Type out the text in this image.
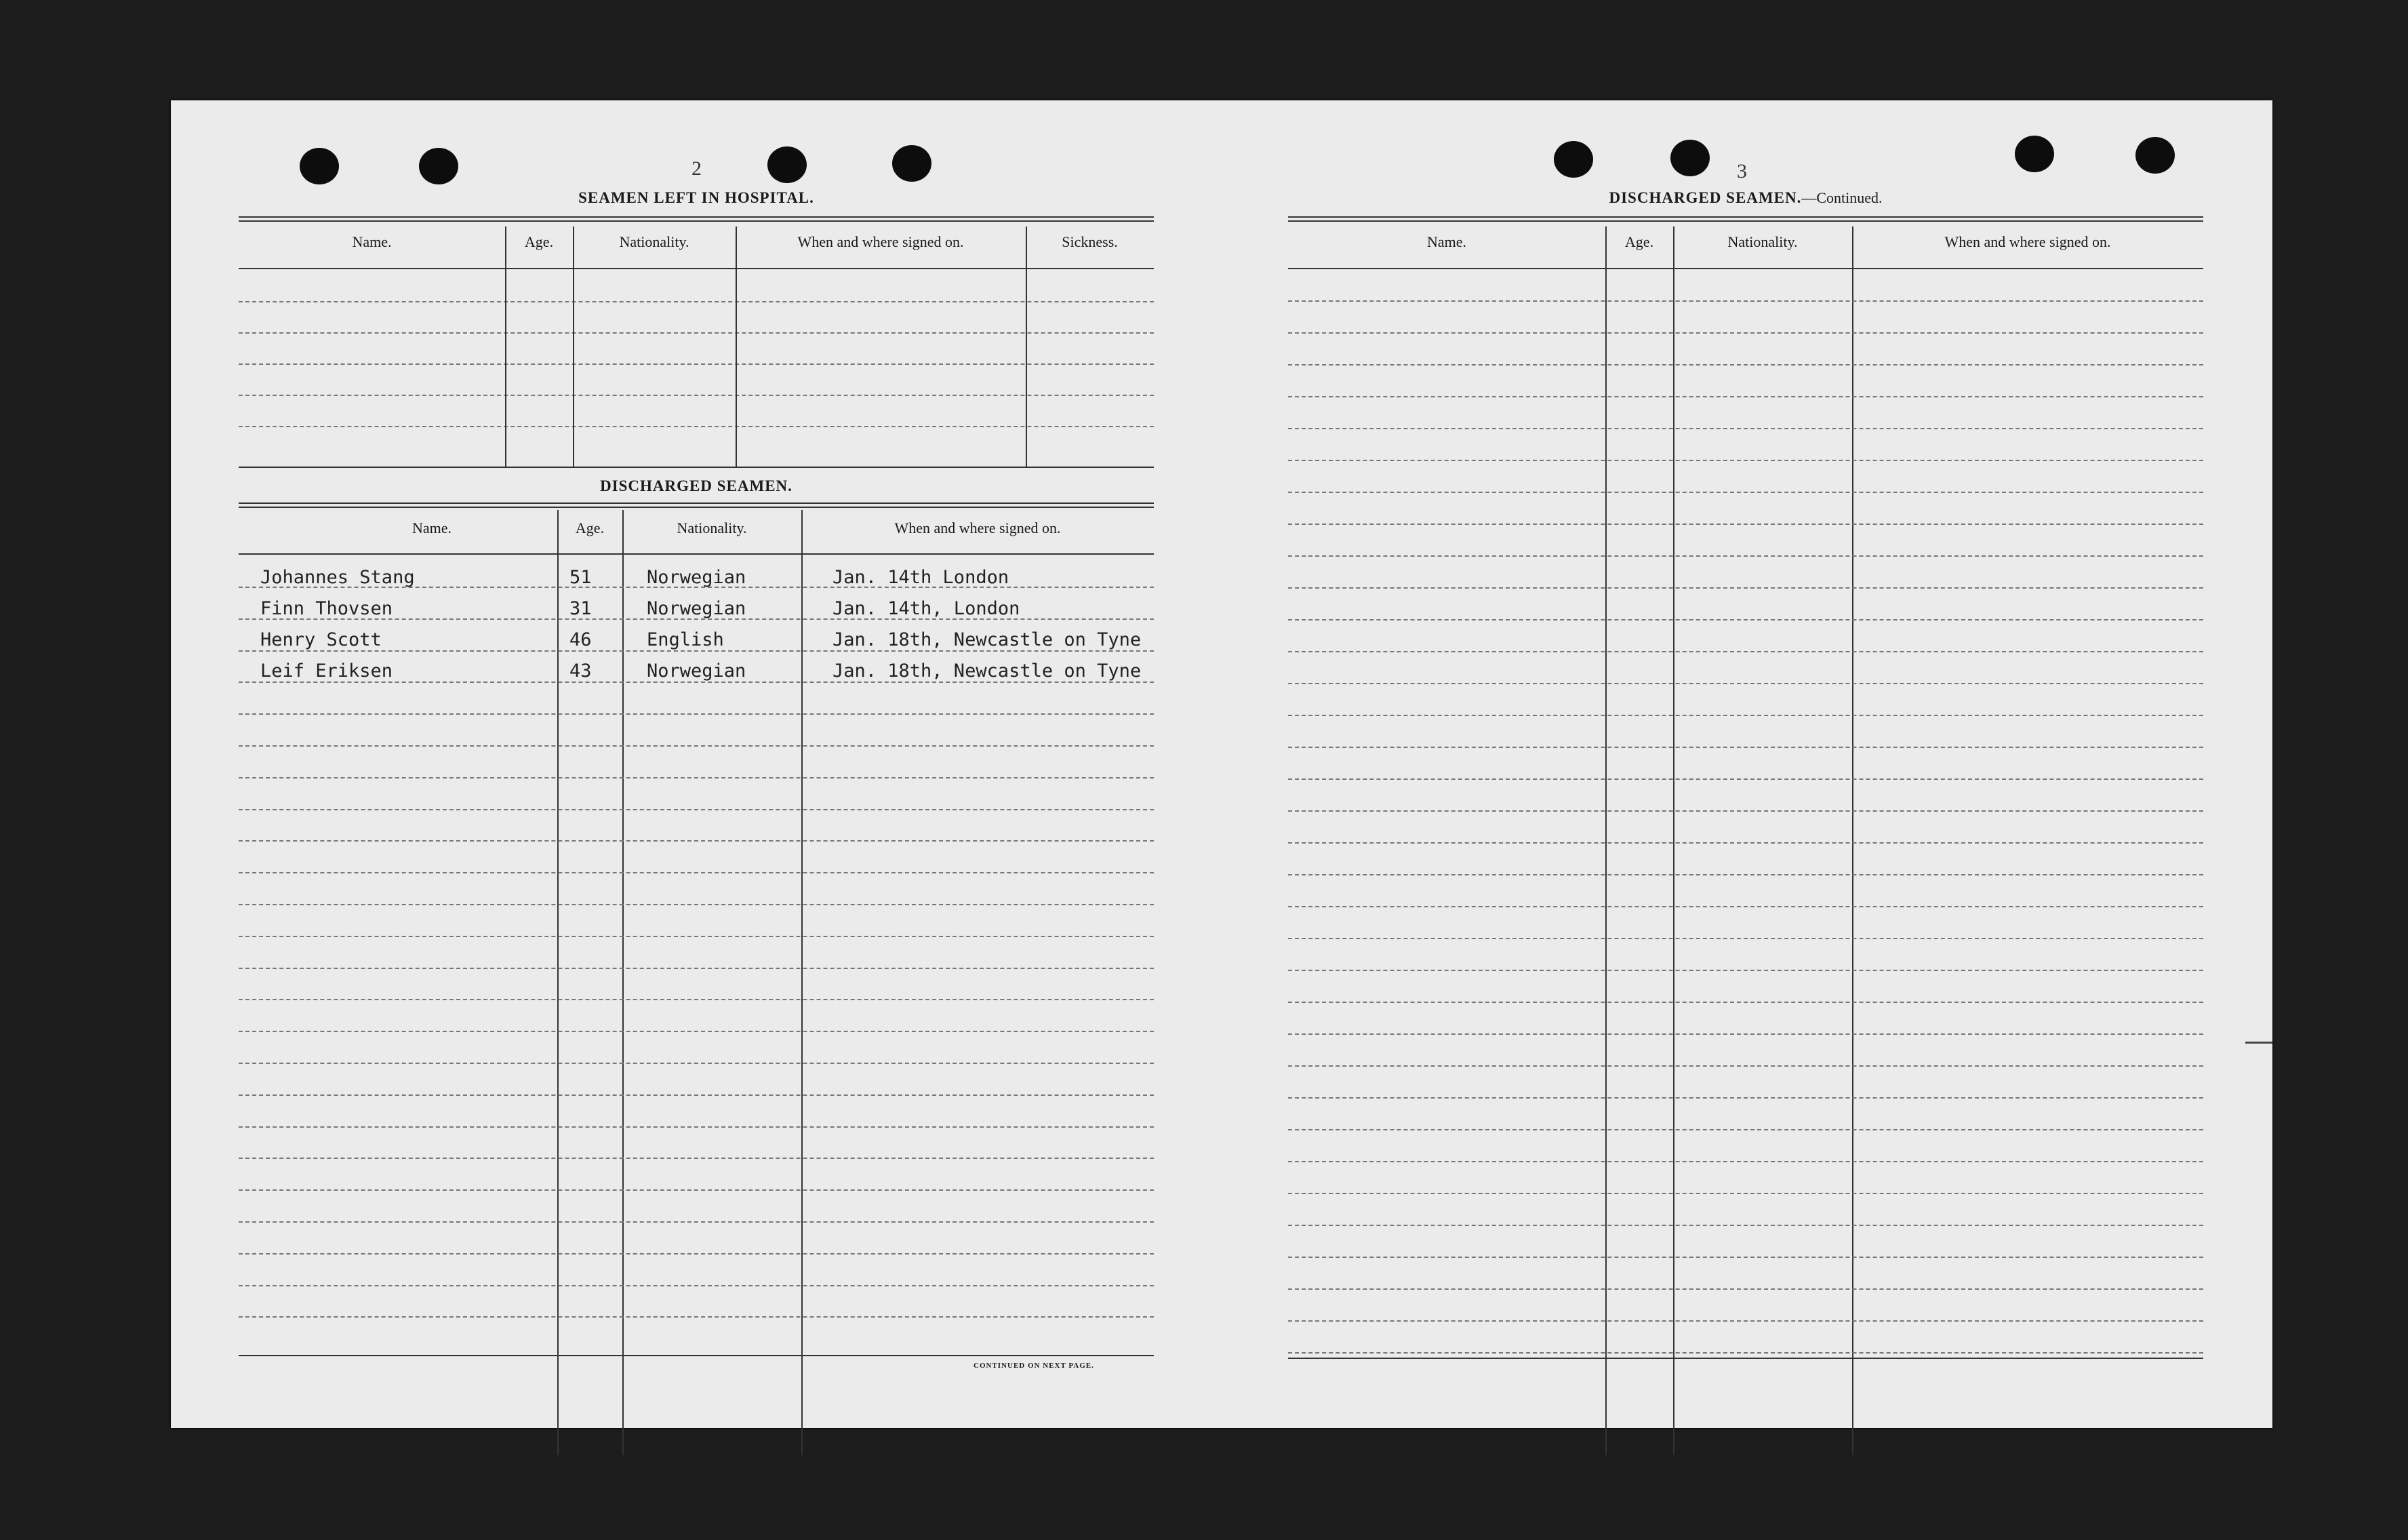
2
SEAMEN LEFT IN HOSPITAL.
Name.	Age.	Nationality.	When and where signed on.	Sickness.
DISCHARGED SEAMEN.
Name.	Age.	Nationality.	When and where signed on.
Johannes Stang	51	Norwegian	Jan. 14th London
Finn Thovsen	31	Norwegian	Jan. 14th, London
Henry Scott	46	English	Jan. 18th, Newcastle on Tyne
Leif Eriksen	43	Norwegian	Jan. 18th, Newcastle on Tyne
CONTINUED ON NEXT PAGE.
3
DISCHARGED SEAMEN.—Continued.
Name.	Age.	Nationality.	When and where signed on.
